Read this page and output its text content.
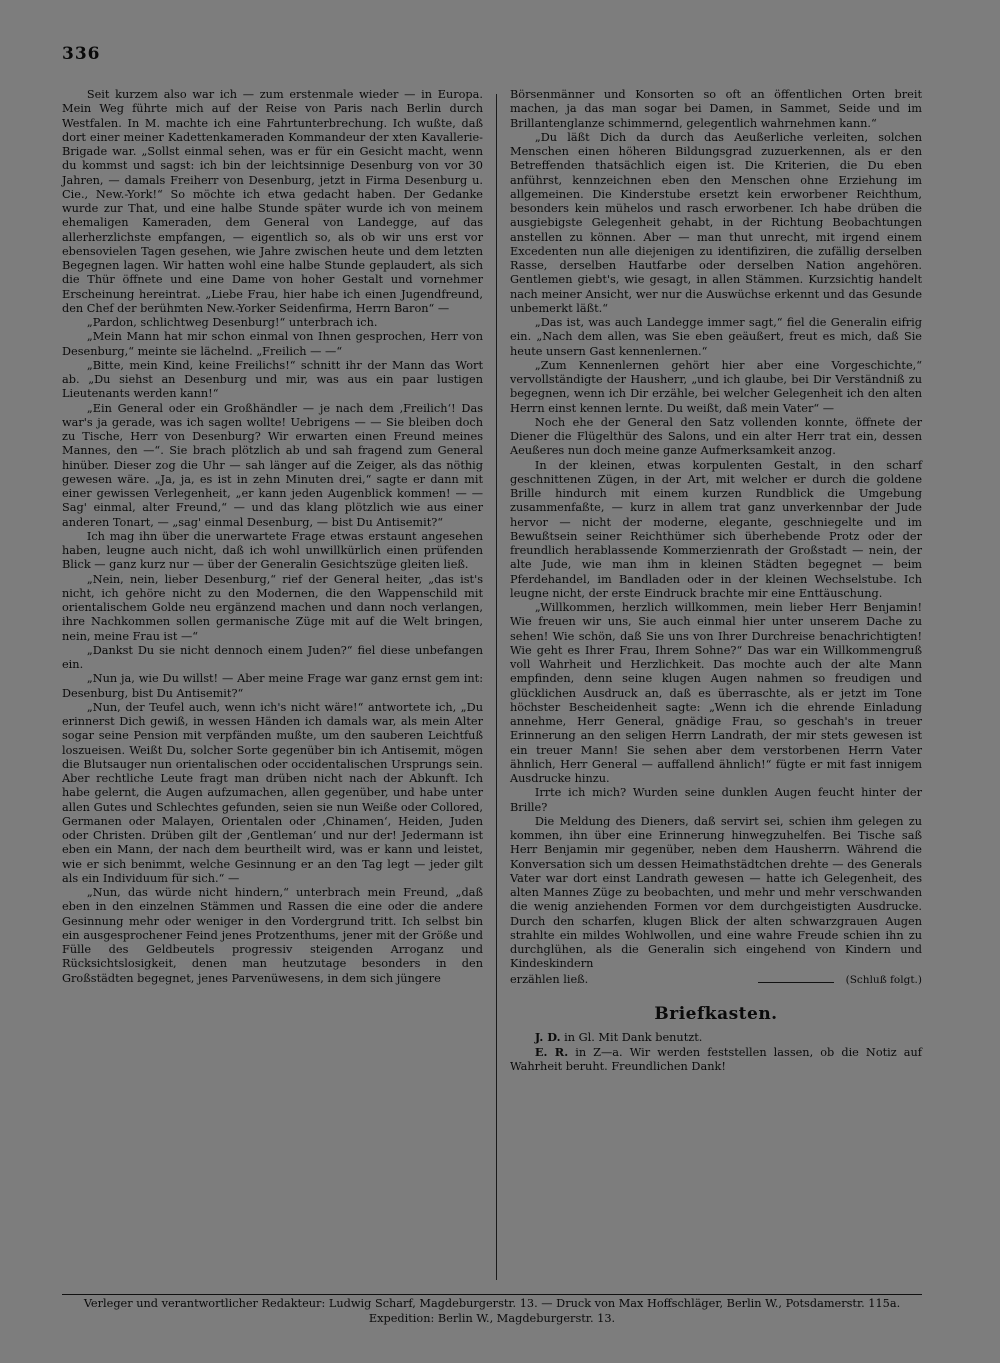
336

Seit kurzem also war ich — zum erstenmale wieder — in Europa. Mein Weg führte mich auf der Reise von Paris nach Berlin durch Westfalen. In M. machte ich eine Fahrtunterbrechung. Ich wußte, daß dort einer meiner Kadettenkameraden Kommandeur der xten Kavallerie-Brigade war. „Sollst einmal sehen, was er für ein Gesicht macht, wenn du kommst und sagst: ich bin der leichtsinnige Desenburg von vor 30 Jahren, — damals Freiherr von Desenburg, jetzt in Firma Desenburg u. Cie., New.-York!“ So möchte ich etwa gedacht haben. Der Gedanke wurde zur That, und eine halbe Stunde später wurde ich von meinem ehemaligen Kameraden, dem General von Landegge, auf das allerherzlichste empfangen, — eigentlich so, als ob wir uns erst vor ebensovielen Tagen gesehen, wie Jahre zwischen heute und dem letzten Begegnen lagen. Wir hatten wohl eine halbe Stunde geplaudert, als sich die Thür öffnete und eine Dame von hoher Gestalt und vornehmer Erscheinung hereintrat. „Liebe Frau, hier habe ich einen Jugendfreund, den Chef der berühmten New.-Yorker Seidenfirma, Herrn Baron“ —

„Pardon, schlichtweg Desenburg!“ unterbrach ich.

„Mein Mann hat mir schon einmal von Ihnen gesprochen, Herr von Desenburg,“ meinte sie lächelnd. „Freilich — —“

„Bitte, mein Kind, keine Freilichs!“ schnitt ihr der Mann das Wort ab. „Du siehst an Desenburg und mir, was aus ein paar lustigen Lieutenants werden kann!“

„Ein General oder ein Großhändler — je nach dem ‚Freilich‘! Das war's ja gerade, was ich sagen wollte! Uebrigens — — Sie bleiben doch zu Tische, Herr von Desenburg? Wir erwarten einen Freund meines Mannes, den —“. Sie brach plötzlich ab und sah fragend zum General hinüber. Dieser zog die Uhr — sah länger auf die Zeiger, als das nöthig gewesen wäre. „Ja, ja, es ist in zehn Minuten drei,“ sagte er dann mit einer gewissen Verlegenheit, „er kann jeden Augenblick kommen! — — Sag' einmal, alter Freund,“ — und das klang plötzlich wie aus einer anderen Tonart, — „sag' einmal Desenburg, — bist Du Antisemit?“

Ich mag ihn über die unerwartete Frage etwas erstaunt angesehen haben, leugne auch nicht, daß ich wohl unwillkürlich einen prüfenden Blick — ganz kurz nur — über der Generalin Gesichtszüge gleiten ließ.

„Nein, nein, lieber Desenburg,“ rief der General heiter, „das ist's nicht, ich gehöre nicht zu den Modernen, die den Wappenschild mit orientalischem Golde neu ergänzend machen und dann noch verlangen, ihre Nachkommen sollen germanische Züge mit auf die Welt bringen, nein, meine Frau ist —“

„Dankst Du sie nicht dennoch einem Juden?“ fiel diese unbefangen ein.

„Nun ja, wie Du willst! — Aber meine Frage war ganz ernst gem int: Desenburg, bist Du Antisemit?“

„Nun, der Teufel auch, wenn ich's nicht wäre!“ antwortete ich, „Du erinnerst Dich gewiß, in wessen Händen ich damals war, als mein Alter sogar seine Pension mit verpfänden mußte, um den sauberen Leichtfuß loszueisen. Weißt Du, solcher Sorte gegenüber bin ich Antisemit, mögen die Blutsauger nun orientalischen oder occidentalischen Ursprungs sein. Aber rechtliche Leute fragt man drüben nicht nach der Abkunft. Ich habe gelernt, die Augen aufzumachen, allen gegenüber, und habe unter allen Gutes und Schlechtes gefunden, seien sie nun Weiße oder Collored, Germanen oder Malayen, Orientalen oder ‚Chinamen‘, Heiden, Juden oder Christen. Drüben gilt der ‚Gentleman‘ und nur der! Jedermann ist eben ein Mann, der nach dem beurtheilt wird, was er kann und leistet, wie er sich benimmt, welche Gesinnung er an den Tag legt — jeder gilt als ein Individuum für sich.“ —

„Nun, das würde nicht hindern,“ unterbrach mein Freund, „daß eben in den einzelnen Stämmen und Rassen die eine oder die andere Gesinnung mehr oder weniger in den Vordergrund tritt. Ich selbst bin ein ausgesprochener Feind jenes Protzenthums, jener mit der Größe und Fülle des Geldbeutels progressiv steigenden Arroganz und Rücksichtslosigkeit, denen man heutzutage besonders in den Großstädten begegnet, jenes Parvenüwesens, in dem sich jüngere

Börsenmänner und Konsorten so oft an öffentlichen Orten breit machen, ja das man sogar bei Damen, in Sammet, Seide und im Brillantenglanze schimmernd, gelegentlich wahrnehmen kann.“

„Du läßt Dich da durch das Aeußerliche verleiten, solchen Menschen einen höheren Bildungsgrad zuzuerkennen, als er den Betreffenden thatsächlich eigen ist. Die Kriterien, die Du eben anführst, kennzeichnen eben den Menschen ohne Erziehung im allgemeinen. Die Kinderstube ersetzt kein erworbener Reichthum, besonders kein mühelos und rasch erworbener. Ich habe drüben die ausgiebigste Gelegenheit gehabt, in der Richtung Beobachtungen anstellen zu können. Aber — man thut unrecht, mit irgend einem Excedenten nun alle diejenigen zu identifiziren, die zufällig derselben Rasse, derselben Hautfarbe oder derselben Nation angehören. Gentlemen giebt's, wie gesagt, in allen Stämmen. Kurzsichtig handelt nach meiner Ansicht, wer nur die Auswüchse erkennt und das Gesunde unbemerkt läßt.“

„Das ist, was auch Landegge immer sagt,“ fiel die Generalin eifrig ein. „Nach dem allen, was Sie eben geäußert, freut es mich, daß Sie heute unsern Gast kennenlernen.“

„Zum Kennenlernen gehört hier aber eine Vorgeschichte,“ vervollständigte der Hausherr, „und ich glaube, bei Dir Verständniß zu begegnen, wenn ich Dir erzähle, bei welcher Gelegenheit ich den alten Herrn einst kennen lernte. Du weißt, daß mein Vater“ —

Noch ehe der General den Satz vollenden konnte, öffnete der Diener die Flügelthür des Salons, und ein alter Herr trat ein, dessen Aeußeres nun doch meine ganze Aufmerksamkeit anzog.

In der kleinen, etwas korpulenten Gestalt, in den scharf geschnittenen Zügen, in der Art, mit welcher er durch die goldene Brille hindurch mit einem kurzen Rundblick die Umgebung zusammenfaßte, — kurz in allem trat ganz unverkennbar der Jude hervor — nicht der moderne, elegante, geschniegelte und im Bewußtsein seiner Reichthümer sich überhebende Protz oder der freundlich herablassende Kommerzienrath der Großstadt — nein, der alte Jude, wie man ihm in kleinen Städten begegnet — beim Pferdehandel, im Bandladen oder in der kleinen Wechselstube. Ich leugne nicht, der erste Eindruck brachte mir eine Enttäuschung.

„Willkommen, herzlich willkommen, mein lieber Herr Benjamin! Wie freuen wir uns, Sie auch einmal hier unter unserem Dache zu sehen! Wie schön, daß Sie uns von Ihrer Durchreise benachrichtigten! Wie geht es Ihrer Frau, Ihrem Sohne?“ Das war ein Willkommengruß voll Wahrheit und Herzlichkeit. Das mochte auch der alte Mann empfinden, denn seine klugen Augen nahmen so freudigen und glücklichen Ausdruck an, daß es überraschte, als er jetzt im Tone höchster Bescheidenheit sagte: „Wenn ich die ehrende Einladung annehme, Herr General, gnädige Frau, so geschah's in treuer Erinnerung an den seligen Herrn Landrath, der mir stets gewesen ist ein treuer Mann! Sie sehen aber dem verstorbenen Herrn Vater ähnlich, Herr General — auffallend ähnlich!“ fügte er mit fast innigem Ausdrucke hinzu.

Irrte ich mich? Wurden seine dunklen Augen feucht hinter der Brille?

Die Meldung des Dieners, daß servirt sei, schien ihm gelegen zu kommen, ihn über eine Erinnerung hinwegzuhelfen. Bei Tische saß Herr Benjamin mir gegenüber, neben dem Hausherrn. Während die Konversation sich um dessen Heimathstädtchen drehte — des Generals Vater war dort einst Landrath gewesen — hatte ich Gelegenheit, des alten Mannes Züge zu beobachten, und mehr und mehr verschwanden die wenig anziehenden Formen vor dem durchgeistigten Ausdrucke. Durch den scharfen, klugen Blick der alten schwarzgrauen Augen strahlte ein mildes Wohlwollen, und eine wahre Freude schien ihn zu durchglühen, als die Generalin sich eingehend von Kindern und Kindeskindern

erzählen ließ.	(Schluß folgt.)
Briefkasten.

J. D. in Gl. Mit Dank benutzt.

E. R. in Z—a. Wir werden feststellen lassen, ob die Notiz auf Wahrheit beruht. Freundlichen Dank!

Verleger und verantwortlicher Redakteur: Ludwig Scharf, Magdeburgerstr. 13. — Druck von Max Hoffschläger, Berlin W., Potsdamerstr. 115a.
Expedition: Berlin W., Magdeburgerstr. 13.
